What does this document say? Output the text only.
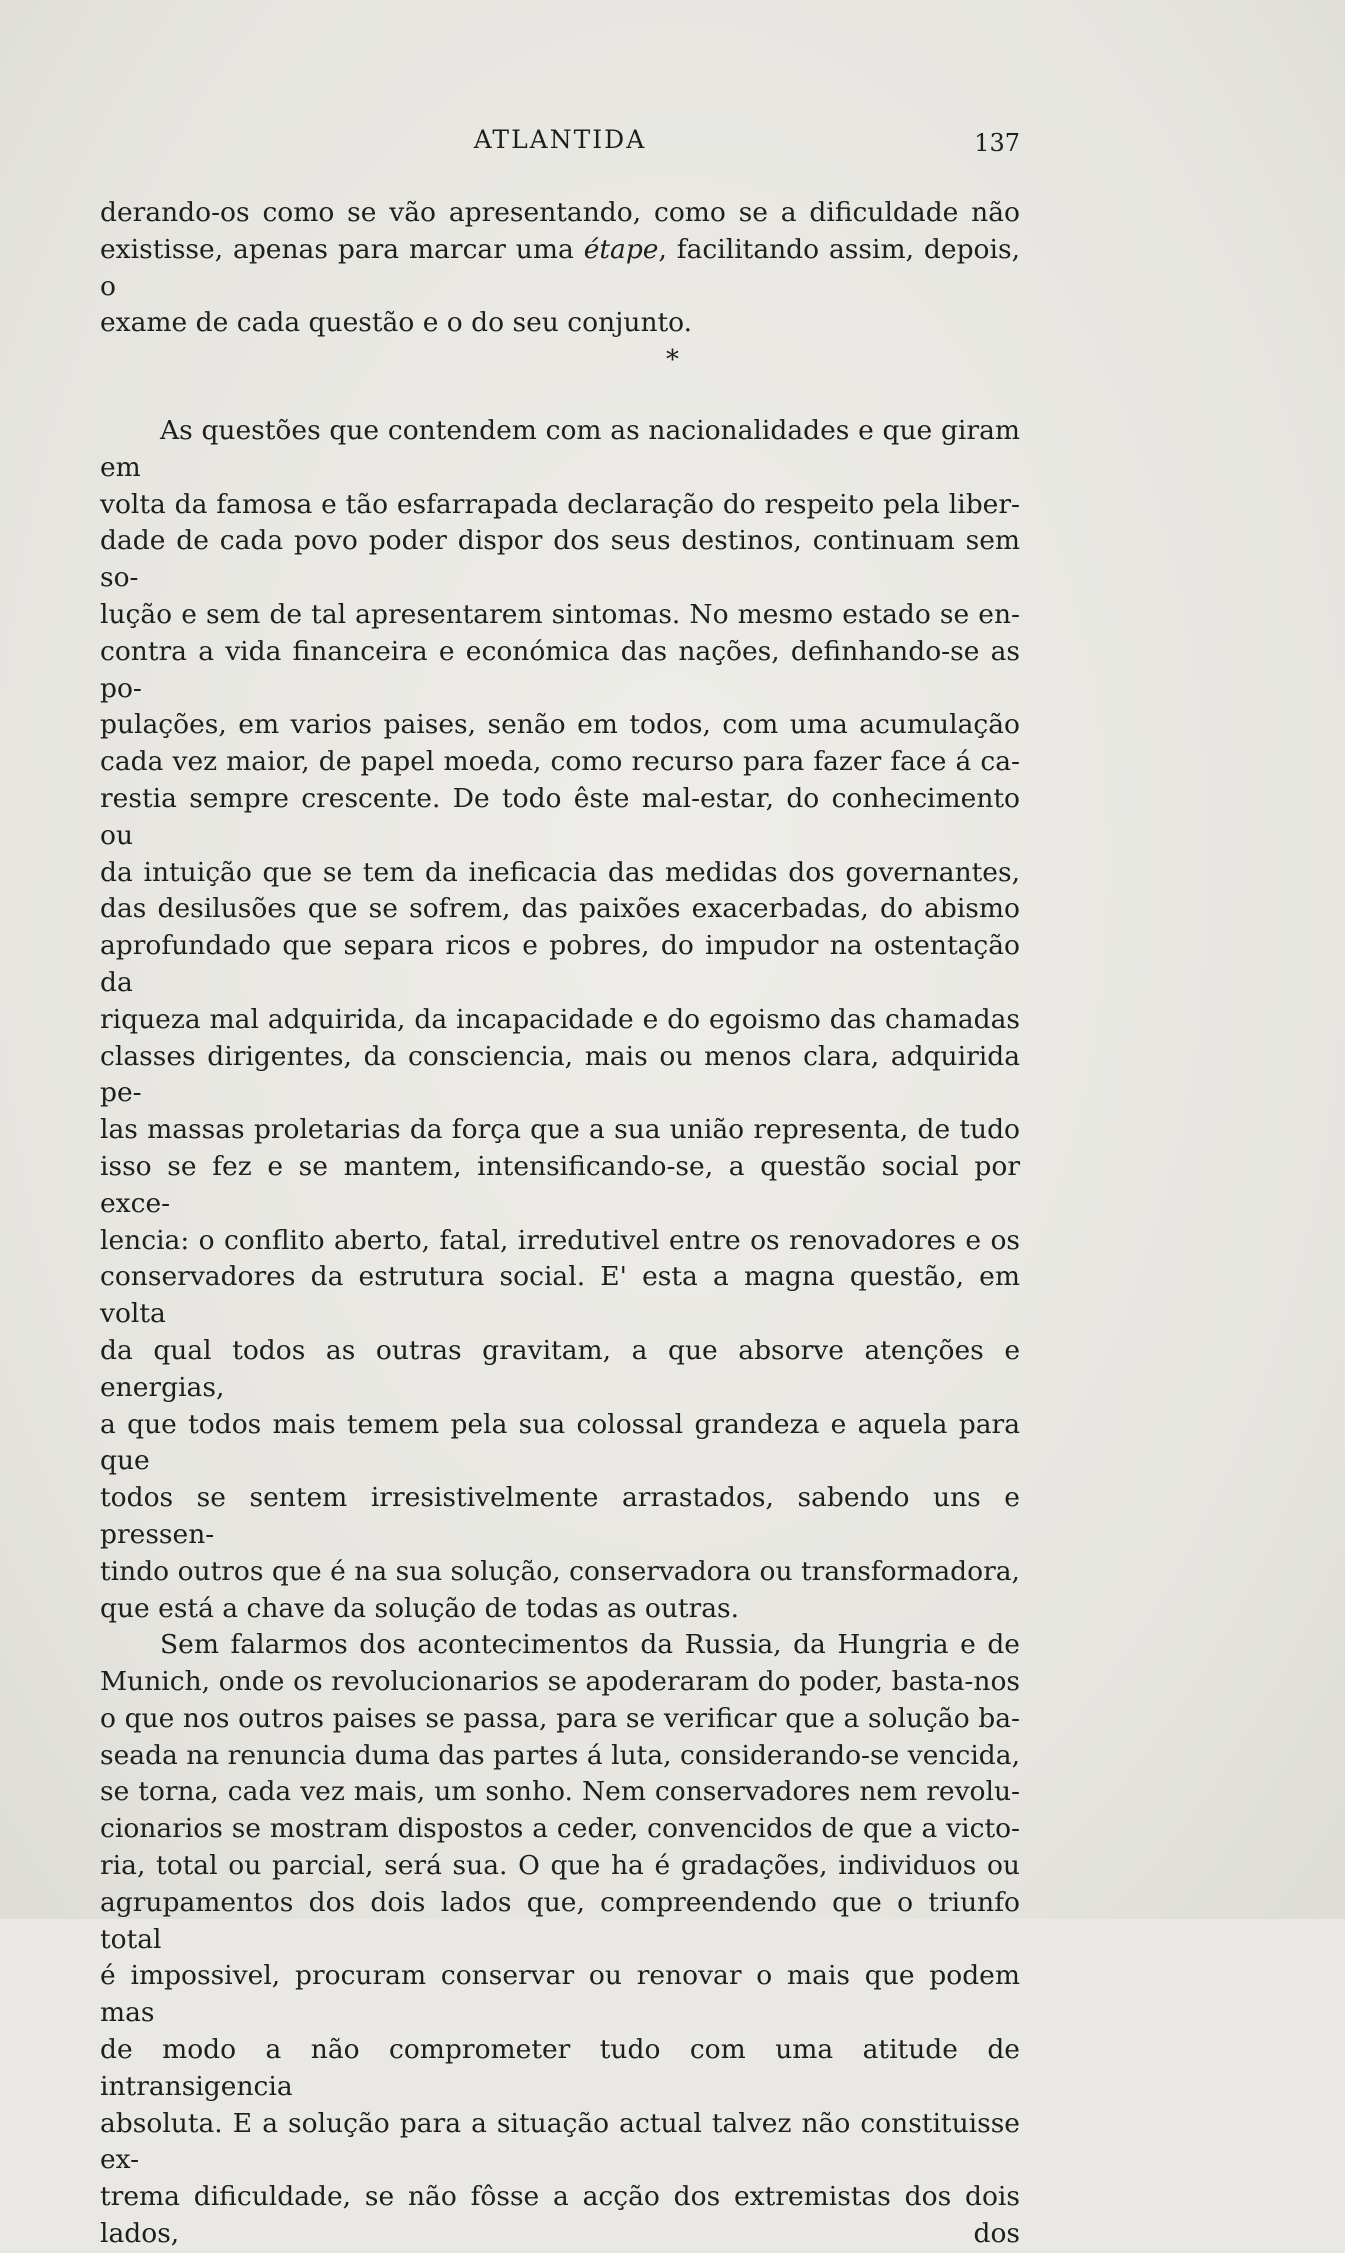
ATLANTIDA	137

derando-os como se vão apresentando, como se a dificuldade não
existisse, apenas para marcar uma étape, facilitando assim, depois, o
exame de cada questão e o do seu conjunto.

*

As questões que contendem com as nacionalidades e que giram em
volta da famosa e tão esfarrapada declaração do respeito pela liber-
dade de cada povo poder dispor dos seus destinos, continuam sem so-
lução e sem de tal apresentarem sintomas. No mesmo estado se en-
contra a vida financeira e económica das nações, definhando-se as po-
pulações, em varios paises, senão em todos, com uma acumulação
cada vez maior, de papel moeda, como recurso para fazer face á ca-
restia sempre crescente. De todo êste mal-estar, do conhecimento ou
da intuição que se tem da ineficacia das medidas dos governantes,
das desilusões que se sofrem, das paixões exacerbadas, do abismo
aprofundado que separa ricos e pobres, do impudor na ostentação da
riqueza mal adquirida, da incapacidade e do egoismo das chamadas
classes dirigentes, da consciencia, mais ou menos clara, adquirida pe-
las massas proletarias da força que a sua união representa, de tudo
isso se fez e se mantem, intensificando-se, a questão social por exce-
lencia: o conflito aberto, fatal, irredutivel entre os renovadores e os
conservadores da estrutura social. E' esta a magna questão, em volta
da qual todos as outras gravitam, a que absorve atenções e energias,
a que todos mais temem pela sua colossal grandeza e aquela para que
todos se sentem irresistivelmente arrastados, sabendo uns e pressen-
tindo outros que é na sua solução, conservadora ou transformadora,
que está a chave da solução de todas as outras.

Sem falarmos dos acontecimentos da Russia, da Hungria e de
Munich, onde os revolucionarios se apoderaram do poder, basta-nos
o que nos outros paises se passa, para se verificar que a solução ba-
seada na renuncia duma das partes á luta, considerando-se vencida,
se torna, cada vez mais, um sonho. Nem conservadores nem revolu-
cionarios se mostram dispostos a ceder, convencidos de que a victo-
ria, total ou parcial, será sua. O que ha é gradações, individuos ou
agrupamentos dos dois lados que, compreendendo que o triunfo total
é impossivel, procuram conservar ou renovar o mais que podem mas
de modo a não comprometer tudo com uma atitude de intransigencia
absoluta. E a solução para a situação actual talvez não constituisse ex-
trema dificuldade, se não fôsse a acção dos extremistas dos dois lados, dos
